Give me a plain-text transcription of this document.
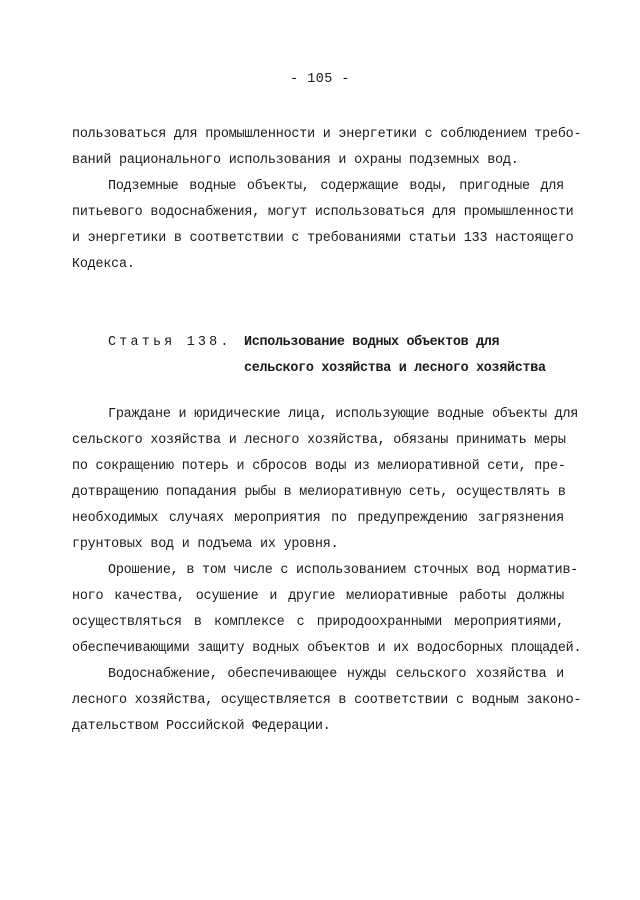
- 105 -
пользоваться для промышленности и энергетики с соблюдением требо-
ваний рационального использования и охраны подземных вод.
Подземные водные объекты, содержащие воды, пригодные для
питьевого водоснабжения, могут использоваться для промышленности
и энергетики в соответствии с требованиями статьи 133 настоящего
Кодекса.
Статья 138. Использование водных объектов для
сельского хозяйства и лесного хозяйства
Граждане и юридические лица, использующие водные объекты для
сельского хозяйства и лесного хозяйства, обязаны принимать меры
по сокращению потерь и сбросов воды из мелиоративной сети, пре-
дотвращению попадания рыбы в мелиоративную сеть, осуществлять в
необходимых случаях мероприятия по предупреждению загрязнения
грунтовых вод и подъема их уровня.
Орошение, в том числе с использованием сточных вод норматив-
ного качества, осушение и другие мелиоративные работы должны
осуществляться в комплексе с природоохранными мероприятиями,
обеспечивающими защиту водных объектов и их водосборных площадей.
Водоснабжение, обеспечивающее нужды сельского хозяйства и
лесного хозяйства, осуществляется в соответствии с водным законо-
дательством Российской Федерации.
